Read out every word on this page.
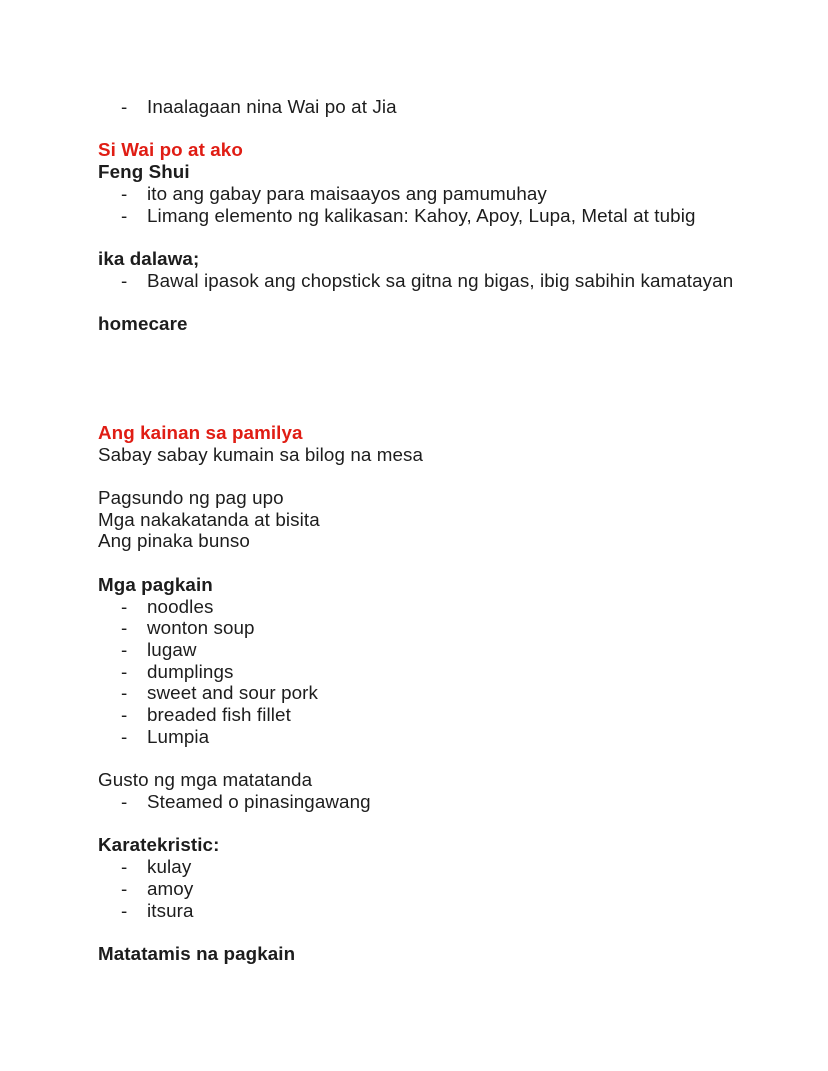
- Inaalagaan nina Wai po at Jia
Si Wai po at ako
Feng Shui
- ito ang gabay para maisaayos ang pamumuhay
- Limang elemento ng kalikasan: Kahoy, Apoy, Lupa, Metal at tubig
ika dalawa;
- Bawal ipasok ang chopstick sa gitna ng bigas, ibig sabihin kamatayan
homecare
Ang kainan sa pamilya
Sabay sabay kumain sa bilog na mesa
Pagsundo ng pag upo
Mga nakakatanda at bisita
Ang pinaka bunso
Mga pagkain
- noodles
- wonton soup
- lugaw
- dumplings
- sweet and sour pork
- breaded fish fillet
- Lumpia
Gusto ng mga matatanda
- Steamed o pinasingawang
Karatekristic:
- kulay
- amoy
- itsura
Matatamis na pagkain
